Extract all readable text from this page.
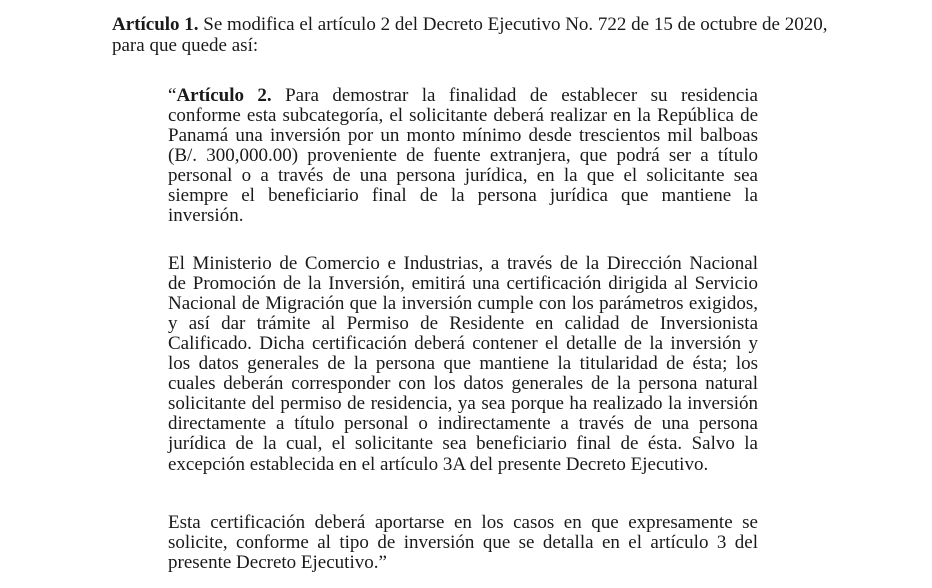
Artículo 1. Se modifica el artículo 2 del Decreto Ejecutivo No. 722 de 15 de octubre de 2020,
para que quede así:
“Artículo 2. Para demostrar la finalidad de establecer su residencia
conforme esta subcategoría, el solicitante deberá realizar en la República de
Panamá una inversión por un monto mínimo desde trescientos mil balboas
(B/. 300,000.00) proveniente de fuente extranjera, que podrá ser a título
personal o a través de una persona jurídica, en la que el solicitante sea
siempre el beneficiario final de la persona jurídica que mantiene la
inversión.
El Ministerio de Comercio e Industrias, a través de la Dirección Nacional
de Promoción de la Inversión, emitirá una certificación dirigida al Servicio
Nacional de Migración que la inversión cumple con los parámetros exigidos,
y así dar trámite al Permiso de Residente en calidad de Inversionista
Calificado. Dicha certificación deberá contener el detalle de la inversión y
los datos generales de la persona que mantiene la titularidad de ésta; los
cuales deberán corresponder con los datos generales de la persona natural
solicitante del permiso de residencia, ya sea porque ha realizado la inversión
directamente a título personal o indirectamente a través de una persona
jurídica de la cual, el solicitante sea beneficiario final de ésta. Salvo la
excepción establecida en el artículo 3A del presente Decreto Ejecutivo.
Esta certificación deberá aportarse en los casos en que expresamente se
solicite, conforme al tipo de inversión que se detalla en el artículo 3 del
presente Decreto Ejecutivo.”
